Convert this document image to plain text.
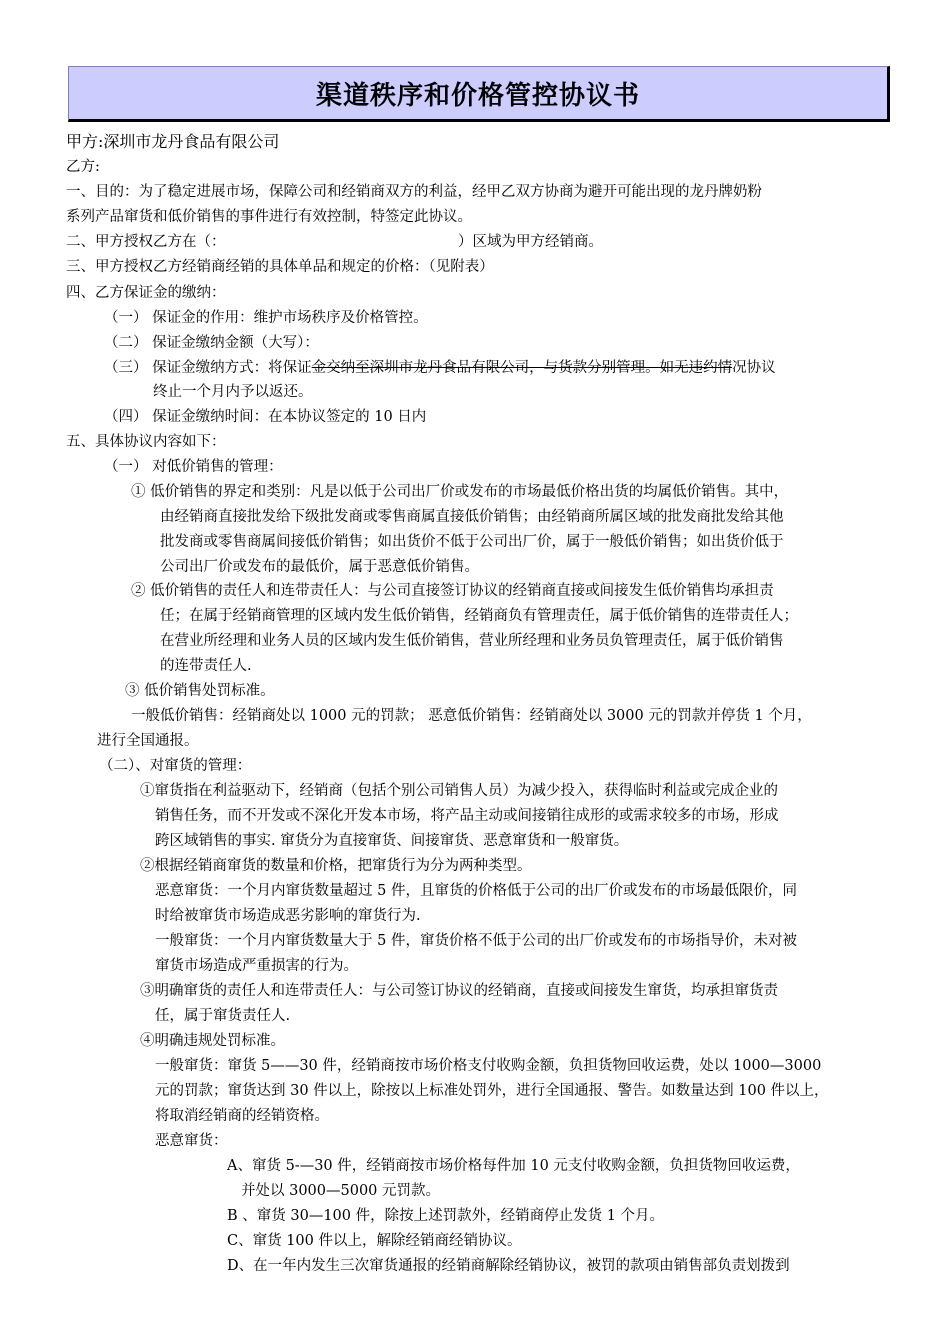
渠道秩序和价格管控协议书
甲方:深圳市龙丹食品有限公司
乙方:
一、目的：为了稳定进展市场，保障公司和经销商双方的利益，经甲乙双方协商为避开可能出现的龙丹牌奶粉
系列产品窜货和低价销售的事件进行有效控制，特签定此协议。
二、甲方授权乙方在（：	）区域为甲方经销商。
三、甲方授权乙方经销商经销的具体单品和规定的价格：（见附表）
四、乙方保证金的缴纳：
（一） 保证金的作用：维护市场秩序及价格管控。
（二） 保证金缴纳金额（大写）：
（三） 保证金缴纳方式：将保证金交纳至深圳市龙丹食品有限公司，与货款分别管理。如无违约情况协议
终止一个月内予以返还。
（四） 保证金缴纳时间：在本协议签定的 10 日内
五、具体协议内容如下：
（一） 对低价销售的管理：
① 低价销售的界定和类别：凡是以低于公司出厂价或发布的市场最低价格出货的均属低价销售。其中，
由经销商直接批发给下级批发商或零售商属直接低价销售；由经销商所属区域的批发商批发给其他
批发商或零售商属间接低价销售；如出货价不低于公司出厂价，属于一般低价销售；如出货价低于
公司出厂价或发布的最低价，属于恶意低价销售。
② 低价销售的责任人和连带责任人：与公司直接签订协议的经销商直接或间接发生低价销售均承担责
任；在属于经销商管理的区域内发生低价销售，经销商负有管理责任，属于低价销售的连带责任人；
在营业所经理和业务人员的区域内发生低价销售，营业所经理和业务员负管理责任，属于低价销售
的连带责任人.
③ 低价销售处罚标准。
一般低价销售：经销商处以 1000 元的罚款； 恶意低价销售：经销商处以 3000 元的罚款并停货 1 个月，
进行全国通报。
（二）、对窜货的管理：
①窜货指在利益驱动下，经销商（包括个别公司销售人员）为减少投入，获得临时利益或完成企业的
销售任务，而不开发或不深化开发本市场，将产品主动或间接销往成形的或需求较多的市场，形成
跨区域销售的事实. 窜货分为直接窜货、间接窜货、恶意窜货和一般窜货。
②根据经销商窜货的数量和价格，把窜货行为分为两种类型。
恶意窜货：一个月内窜货数量超过 5 件，且窜货的价格低于公司的出厂价或发布的市场最低限价，同
时给被窜货市场造成恶劣影响的窜货行为.
一般窜货：一个月内窜货数量大于 5 件，窜货价格不低于公司的出厂价或发布的市场指导价，未对被
窜货市场造成严重损害的行为。
③明确窜货的责任人和连带责任人：与公司签订协议的经销商，直接或间接发生窜货，均承担窜货责
任，属于窜货责任人.
④明确违规处罚标准。
一般窜货：窜货 5——30 件，经销商按市场价格支付收购金额，负担货物回收运费，处以 1000—3000
元的罚款；窜货达到 30 件以上，除按以上标准处罚外，进行全国通报、警告。如数量达到 100 件以上，
将取消经销商的经销资格。
恶意窜货：
A、窜货 5-—30 件，经销商按市场价格每件加 10 元支付收购金额，负担货物回收运费，
并处以 3000—5000 元罚款。
B 、窜货 30—100 件，除按上述罚款外，经销商停止发货 1 个月。
C、窜货 100 件以上，解除经销商经销协议。
D、在一年内发生三次窜货通报的经销商解除经销协议，被罚的款项由销售部负责划拨到
